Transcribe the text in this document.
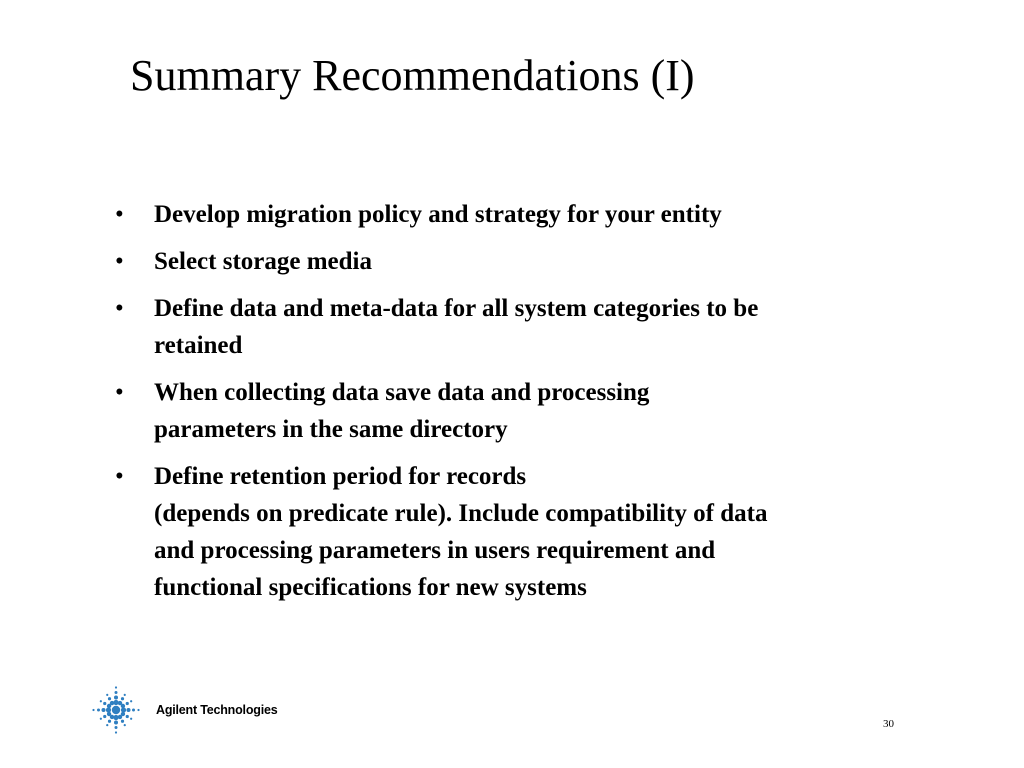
Summary Recommendations (I)
• Develop migration policy and strategy for your entity
• Select storage media
• Define data and meta-data for all system categories to be
retained
• When collecting data save data and processing
parameters in the same directory
• Define retention period for records
(depends on predicate rule). Include compatibility of data
and processing parameters in users requirement and
functional specifications for new systems
Agilent Technologies
30
